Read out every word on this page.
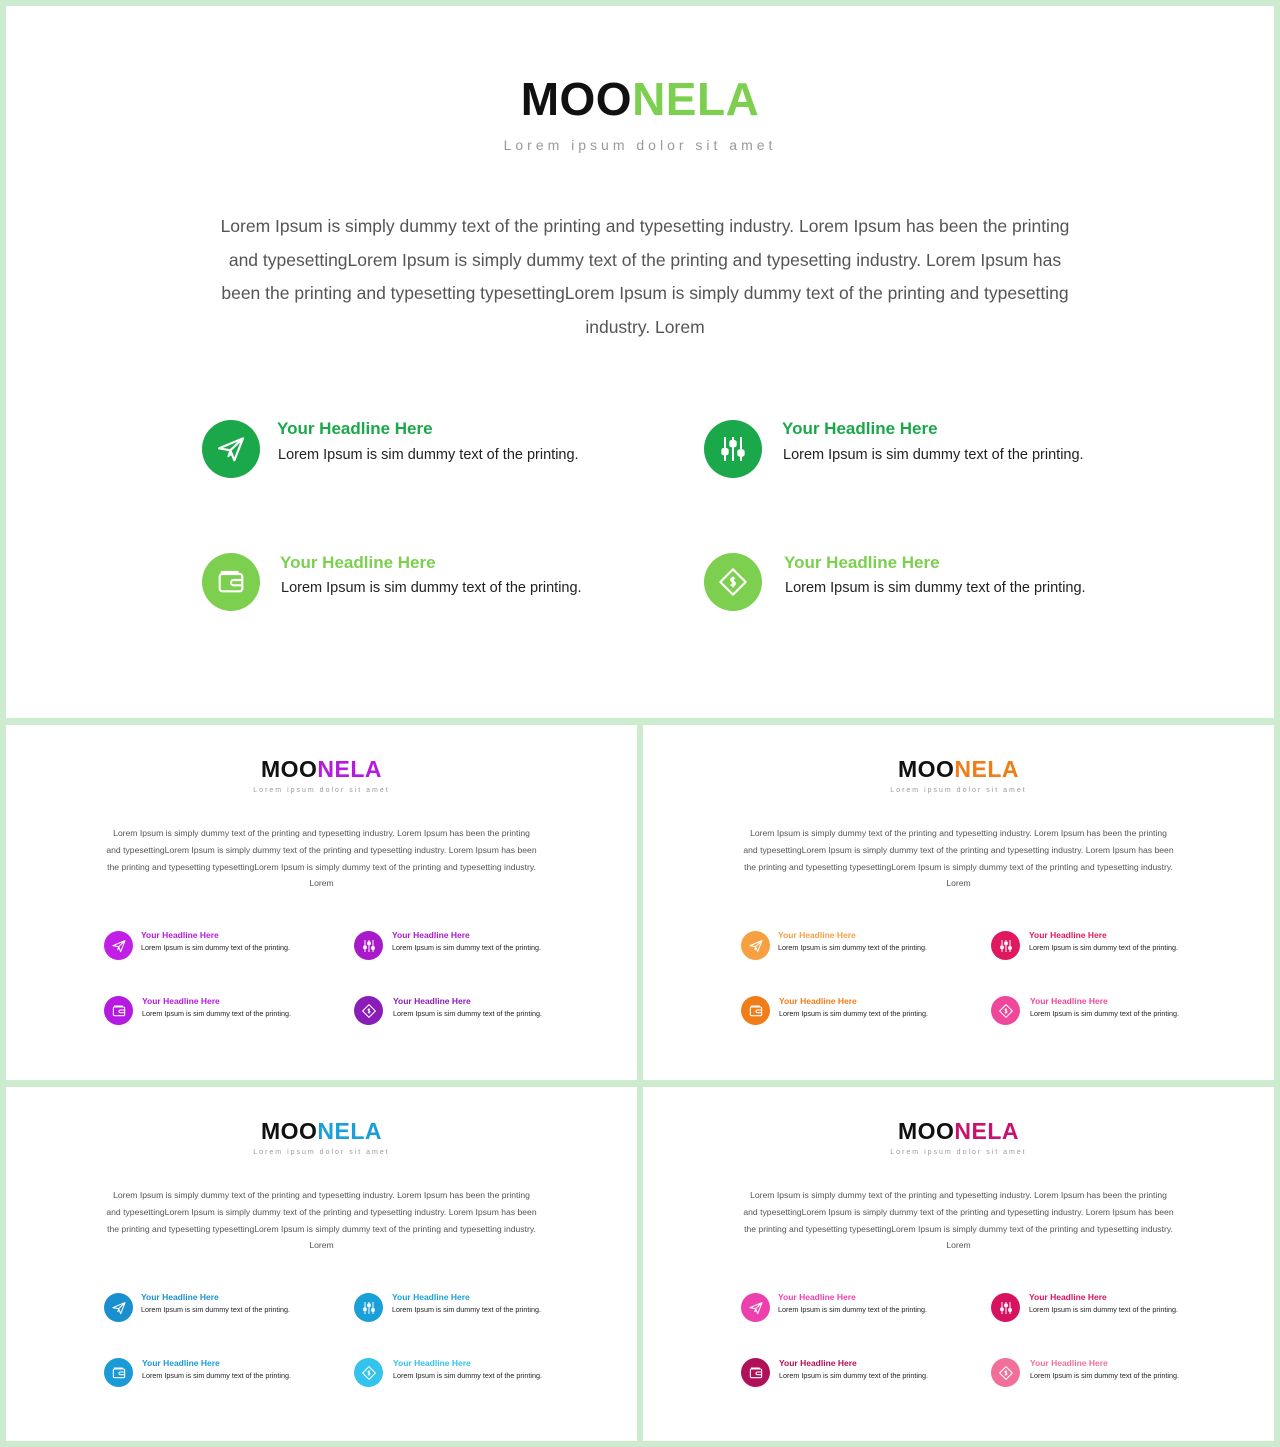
MOONELA
Lorem ipsum dolor sit amet
Lorem Ipsum is simply dummy text of the printing and typesetting industry. Lorem Ipsum has been the printing and typesettingLorem Ipsum is simply dummy text of the printing and typesetting industry. Lorem Ipsum has been the printing and typesetting typesettingLorem Ipsum is simply dummy text of the printing and typesetting industry. Lorem
Your Headline Here
Lorem Ipsum is sim dummy text of the printing.
Your Headline Here
Lorem Ipsum is sim dummy text of the printing.
Your Headline Here
Lorem Ipsum is sim dummy text of the printing.
Your Headline Here
Lorem Ipsum is sim dummy text of the printing.
MOONELA
Lorem ipsum dolor sit amet
Lorem Ipsum is simply dummy text of the printing and typesetting industry. Lorem Ipsum has been the printing and typesettingLorem Ipsum is simply dummy text of the printing and typesetting industry. Lorem Ipsum has been the printing and typesetting typesettingLorem Ipsum is simply dummy text of the printing and typesetting industry. Lorem
Your Headline Here
Lorem Ipsum is sim dummy text of the printing.
Your Headline Here
Lorem Ipsum is sim dummy text of the printing.
Your Headline Here
Lorem Ipsum is sim dummy text of the printing.
Your Headline Here
Lorem Ipsum is sim dummy text of the printing.
MOONELA
Lorem ipsum dolor sit amet
Lorem Ipsum is simply dummy text of the printing and typesetting industry. Lorem Ipsum has been the printing and typesettingLorem Ipsum is simply dummy text of the printing and typesetting industry. Lorem Ipsum has been the printing and typesetting typesettingLorem Ipsum is simply dummy text of the printing and typesetting industry. Lorem
Your Headline Here
Lorem Ipsum is sim dummy text of the printing.
Your Headline Here
Lorem Ipsum is sim dummy text of the printing.
Your Headline Here
Lorem Ipsum is sim dummy text of the printing.
Your Headline Here
Lorem Ipsum is sim dummy text of the printing.
MOONELA
Lorem ipsum dolor sit amet
Lorem Ipsum is simply dummy text of the printing and typesetting industry. Lorem Ipsum has been the printing and typesettingLorem Ipsum is simply dummy text of the printing and typesetting industry. Lorem Ipsum has been the printing and typesetting typesettingLorem Ipsum is simply dummy text of the printing and typesetting industry. Lorem
Your Headline Here
Lorem Ipsum is sim dummy text of the printing.
Your Headline Here
Lorem Ipsum is sim dummy text of the printing.
Your Headline Here
Lorem Ipsum is sim dummy text of the printing.
Your Headline Here
Lorem Ipsum is sim dummy text of the printing.
MOONELA
Lorem ipsum dolor sit amet
Lorem Ipsum is simply dummy text of the printing and typesetting industry. Lorem Ipsum has been the printing and typesettingLorem Ipsum is simply dummy text of the printing and typesetting industry. Lorem Ipsum has been the printing and typesetting typesettingLorem Ipsum is simply dummy text of the printing and typesetting industry. Lorem
Your Headline Here
Lorem Ipsum is sim dummy text of the printing.
Your Headline Here
Lorem Ipsum is sim dummy text of the printing.
Your Headline Here
Lorem Ipsum is sim dummy text of the printing.
Your Headline Here
Lorem Ipsum is sim dummy text of the printing.
